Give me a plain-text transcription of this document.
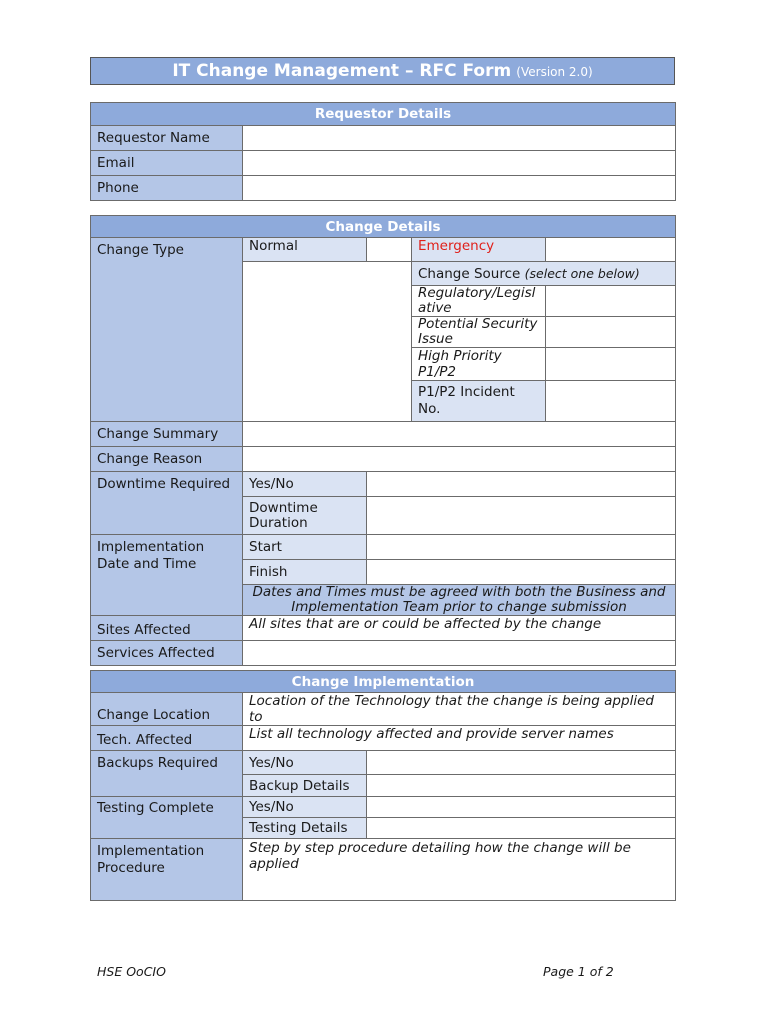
IT Change Management – RFC Form (Version 2.0)
Requestor Details	
Requestor Name	
Email	
Phone	
Change Details				
Change Type	Normal		Emergency	
			Change Source (select one below)	
			Regulatory/Legislative	
			Potential Security Issue	
			High Priority P1/P2	
			P1/P2 Incident No.	
Change Summary				
Change Reason				
Downtime Required	Yes/No			
	Downtime Duration			
Implementation Date and Time	Start			
	Finish			
	Dates and Times must be agreed with both the Business and Implementation Team prior to change submission			
Sites Affected	All sites that are or could be affected by the change			
Services Affected				
Change Implementation		
Change Location	Location of the Technology that the change is being applied to	
Tech. Affected	List all technology affected and provide server names	
Backups Required	Yes/No	
	Backup Details	
Testing Complete	Yes/No	
	Testing Details	
Implementation Procedure	Step by step procedure detailing how the change will be applied	
HSE OoCIO	Page 1 of 2
